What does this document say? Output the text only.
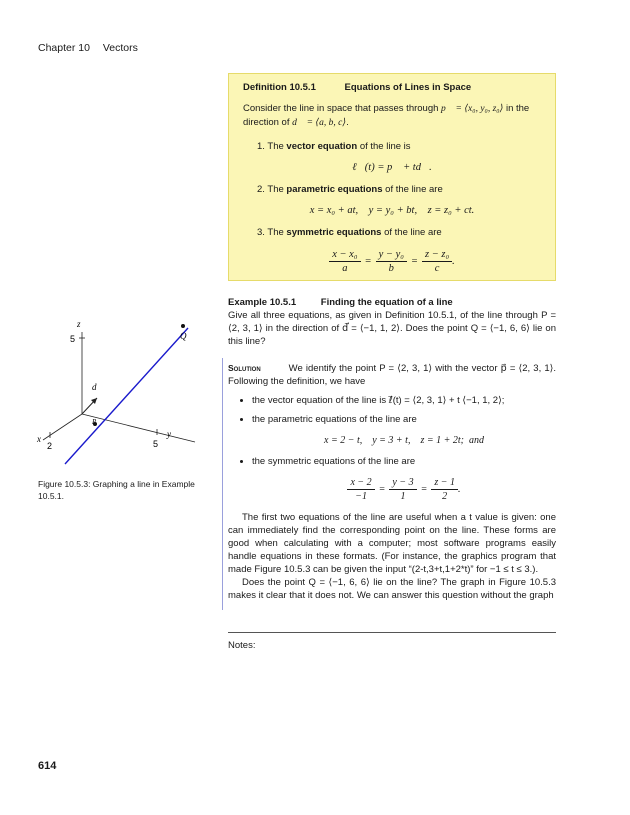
Chapter 10 Vectors
Definition 10.5.1	Equations of Lines in Space

Consider the line in space that passes through p⃗ = ⟨x₀, y₀, z₀⟩ in the direction of d⃗ = ⟨a, b, c⟩.

1. The vector equation of the line is

ℓ⃗(t) = p⃗ + td⃗.

2. The parametric equations of the line are

x = x₀ + at,    y = y₀ + bt,    z = z₀ + ct.

3. The symmetric equations of the line are

$\frac{\text{x − x₀}}{a} = \frac{\text{y − y₀}}{b} = \frac{\text{z − z₀}}{c}$ .
Example 10.5.1	Finding the equation of a line

Give all three equations, as given in Definition 10.5.1, of the line through P = ⟨2, 3, 1⟩ in the direction of d⃗ = ⟨−1, 1, 2⟩. Does the point Q = ⟨−1, 6, 6⟩ lie on this line?

Solution	We identify the point P = ⟨2, 3, 1⟩ with the vector p⃗ = ⟨2, 3, 1⟩. Following the definition, we have

• the vector equation of the line is ℓ⃗(t) = ⟨2, 3, 1⟩ + t ⟨−1, 1, 2⟩;
• the parametric equations of the line are
x = 2 − t,    y = 3 + t,    z = 1 + 2t;  and
• the symmetric equations of the line are
$\frac{x - 2}{-1} = \frac{y - 3}{1} = \frac{z - 1}{2}$ .

The first two equations of the line are useful when a t value is given: one can immediately find the corresponding point on the line. These forms are good when calculating with a computer; most software programs easily handle equations in these formats. (For instance, the graphics program that made Figure 10.5.3 can be given the input “(2-t,3+t,1+2*t)” for −1 ≤ t ≤ 3.).

Does the point Q = ⟨−1, 6, 6⟩ lie on the line? The graph in Figure 10.5.3 makes it clear that it does not. We can answer this question without the graph

z
5
y
5
x
2
d⃗
P
Q
Figure 10.5.3: Graphing a line in Example 10.5.1.
Notes:
614
